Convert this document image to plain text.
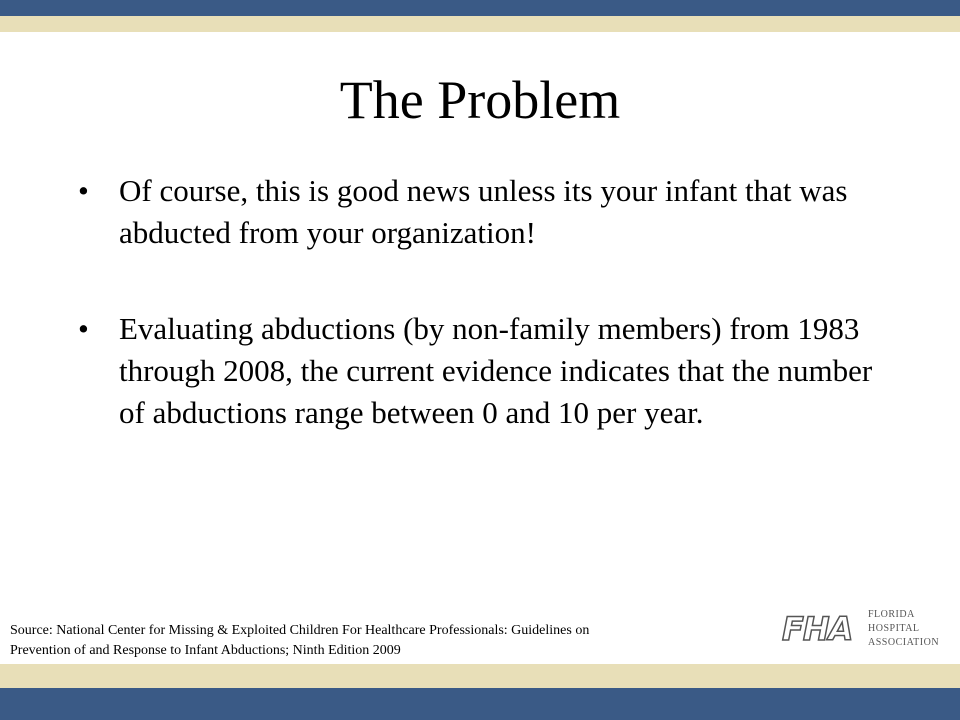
The Problem
• Of course, this is good news unless its your infant that was abducted from your organization!
• Evaluating abductions (by non-family members) from 1983 through 2008, the current evidence indicates that the number of abductions range between 0 and 10 per year.
Source: National Center for Missing & Exploited Children For Healthcare Professionals: Guidelines on
Prevention of and Response to Infant Abductions; Ninth Edition 2009
FHA FLORIDA
HOSPITAL
ASSOCIATION
